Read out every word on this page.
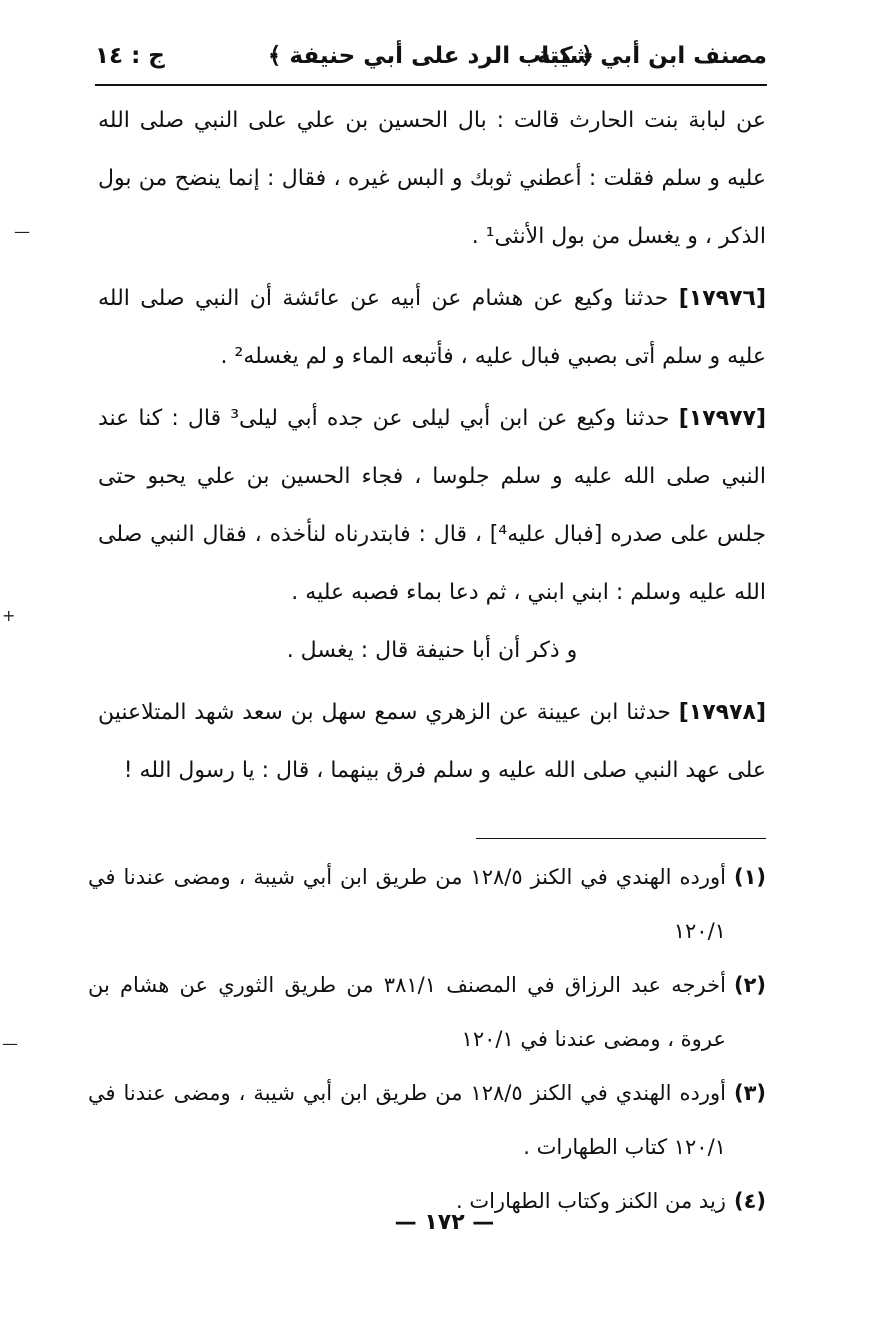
مصنف ابن أبي شيبة
﴿ كتاب الرد على أبي حنيفة ﴾
ج : ١٤

عن لبابة بنت الحارث قالت : بال الحسين بن علي على النبي صلى الله عليه و سلم فقلت : أعطني ثوبك و البس غيره ، فقال : إنما ينضح من بول الذكر ، و يغسل من بول الأنثى¹ .

[١٧٩٧٦] حدثنا وكيع عن هشام عن أبيه عن عائشة أن النبي صلى الله عليه و سلم أتى بصبي فبال عليه ، فأتبعه الماء و لم يغسله² .

[١٧٩٧٧] حدثنا وكيع عن ابن أبي ليلى عن جده أبي ليلى³ قال : كنا عند النبي صلى الله عليه و سلم جلوسا ، فجاء الحسين بن علي يحبو حتى جلس على صدره [فبال عليه⁴] ، قال : فابتدرناه لنأخذه ، فقال النبي صلى الله عليه وسلم : ابني ابني ، ثم دعا بماء فصبه عليه .

و ذكر أن أبا حنيفة قال : يغسل .

[١٧٩٧٨] حدثنا ابن عيينة عن الزهري سمع سهل بن سعد شهد المتلاعنين على عهد النبي صلى الله عليه و سلم فرق بينهما ، قال : يا رسول الله !

(١)
أورده الهندي في الكنز ١٢٨/٥ من طريق ابن أبي شيبة ، ومضى عندنا في ١٢٠/١
(٢)
أخرجه عبد الرزاق في المصنف ٣٨١/١ من طريق الثوري عن هشام بن عروة ، ومضى عندنا في ١٢٠/١
(٣)
أورده الهندي في الكنز ١٢٨/٥ من طريق ابن أبي شيبة ، ومضى عندنا في ١٢٠/١ كتاب الطهارات .
(٤)
زيد من الكنز وكتاب الطهارات .
— ١٧٢ —
—
+
—
